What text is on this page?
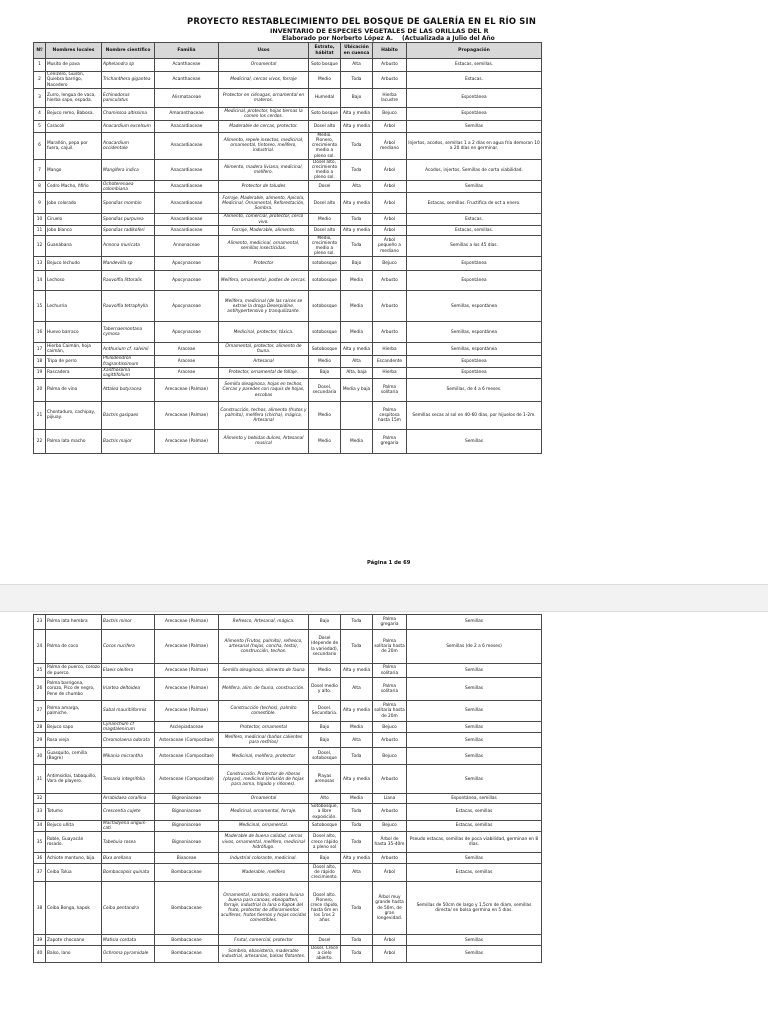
PROYECTO RESTABLECIMIENTO DEL BOSQUE DE GALERÍA EN EL RÍO SIN
INVENTARIO DE ESPECIES VEGETALES DE LAS ORILLAS DEL R
Elaborado por Norberto López A. (Actualizada a Julio del Año
Página 1 de 69
Nº	Nombres locales	Nombre científico	Familia	Usos	Estrato, hábitat	Ubicación en cuenca	Hábito	Propagación
1	Musito de pava	Aphelandra sp	Acanthaceae	Ornamental	Soto bosque	Alta	Arbusto	Estacas, semillas.
2	Cenizero, Güirón, Quiebra barrigo, Nacedero	Trichanthera gigantea	Acanthaceae	Medicinal, cercos vivos, forraje	Medio	Toda	Arbusto	Estacas.
3	Zurro, lengua de vaca, hierba sapo, espada.	Echinodorus paniculatus	Alismataceae	Protector en ciénagas, ornamental en materos.	Humedal	Bajo	Hierba lacustre	Espontánea
4	Bejuco remo, Babosa.	Chamissoa altissima	Amaranthaceae	Medicinal, protector, hojas tiernas la comen los cerdos.	Soto bosque	Alta y media	Bejuco	Espontánea
5	Caracolí	Anacardium excelsum	Anacardiaceae	Maderable de cercas, protector.	Dosel alto	Alta y media	Árbol	Semillas
6	Marañón, pepa por fuera, cajuil.	Anacardium occidentale	Anacardiaceae	Alimento, repele insectos, medicinal, ornamental, tintoreo, melífero, industrial.	Medio. Pionero, crecimiento medio a pleno sol.	Toda	Árbol mediano	Injertos, acodos, semillas 1 a 2 días en agua fría demoran 10 a 20 días en germinar.
7	Mango	Mangifera indica	Anacardiaceae	Alimento, madera liviana, medicinal, melífero.	Dosel alto, crecimiento medio a pleno sol.	Toda	Árbol	Acodos, injertos, Semillas de corta viabilidad.
8	Cedro Macho, ñfiño	Ochoterenaea colombiana	Anacardiaceae	Protector de taludes	Dosel	Alta	Árbol	Semillas
9	Jobo colorado	Spondias mombin	Anacardiaceae	Forraje, Maderable, alimento, Apícola, Medicinal, Ornamental, Reforestación, Sombra.	Dosel alto	Alta y media	Árbol	Estacas, semillas. Fructifica de oct a enero.
10	Ciruelo	Spondias purpurea	Anacardiaceae	Alimento, comercial, protector, cerco vivo.	Medio	Toda	Árbol	Estacas.
11	Jobo blanco	Spondias radlkoferi	Anacardiaceae	Forraje, Maderable, alimento.	Dosel alto	Alta y media	Árbol	Estacas, semillas.
12	Guanábana	Annona muricata	Annonaceae	Alimento, medicinal, ornamental, semillas insecticidas.	Medio, crecimiento medio a pleno sol.	Toda	Árbol pequeño a mediano	Semillas a los 45 días.
13	Bejuco lechudo	Mandevilla sp	Apocynaceae	Protector	sotobosque	Bajo	Bejuco	Espontánea
14	Lechoso	Rauvolfia littoralis	Apocynaceae	Melífera, ornamental, postes de cercas.	sotobosque	Media	Arbusto	Espontánea
15	Lechurria	Rauvolfia tetraphylla	Apocynaceae	Melífera, medicinal (de las raíces se extrae la droga Deserpidine, antihypertensivo y tranquilizante.	sotobosque	Media	Arbusto	Semillas, espontánea
16	Huevo barraco	Tabernaemontana cymosa	Apocynaceae	Medicinal, protector, tóxica.	sotobosque	Media	Arbusto	Semillas, espontánea
17	Hierba Caimán, hoja caimán,	Anthurium cf. salvinii	Araceae	Ornamental, protector, alimento de fauna.	Sotobosque	Alta y media	Hierba	Semillas, espontánea
18	Tripa de perro	Philodendron fragrantissimum	Araceae	Artesanal	Medio	Alta	Escandente	Espontánea
19	Rascadera	Xanthosoma sagittifolium	Araceae	Protector, ornamental de follaje.	Bajo	Alta, baja	Hierba	Espontánea
20	Palma de vino	Attalea butyracea	Arecaceae (Palmae)	Semilla oleaginosa, hojas en techos, Cercas y paredes con raquis de hojas, escobas	Dosel, secundaria	Media y baja	Palma solitaria	Semillas, de 4 a 6 meses.
21	Chontaduro, cachipay, pijiuay.	Bactris gasipaes	Arecaceae (Palmae)	Construcción, techos, alimento (frutos y palmito), melífera (chicha), mágica, Artesanal	Medio		Palma cespitosa hasta 15m	Semillas secas al sol en 40-60 días, por hijuelos de 1-2m.
22	Palma lata macho	Bactris major	Arecaceae (Palmae)	Alimento y bebidas dulces, Artesanal musical	Medio	Media	Palma gregaria	Semillas
23	Palma lata hembra	Bactris minor	Arecaceae (Palmae)	Refresco, Artesanal, mágica.	Bajo	Toda	Palma gregaria	Semillas
24	Palma de coco	Cocos nucifera	Arecaceae (Palmae)	Alimento (Frutos, palmito), refresco, artesanal (hojas, concha, testa), construcción, techos.	Dosel (depende de la variedad), secundario	Toda	Palma solitaria hasta de 20m	Semillas (de 2 a 6 meses)
25	Palma de puerco, corozo de puerco.	Elaeis oleifera	Arecaceae (Palmae)	Semilla oleaginosa, alimento de fauna	Medio	Alta y media	Palma solitaria	Semillas
26	Palma barrigona, corozo, Pico de negro, Pene de chumbo	Iriartea deltoidea	Arecaceae (Palmae)	Melífera, alim. de fauna, construcción.	Dosel medio y alto.	Alta	Palma solitaria	Semillas
27	Palma amarga, palmiche.	Sabal mauritiiformis	Arecaceae (Palmae)	Construcción (techos), palmito comestible.	Dosel. Secundaria.	Alta y media	Palma solitaria hasta de 20m	Semillas
28	Bejuco sapo	Cynanchum cf magdalenicum	Asclepiadaceae	Protector, ornamental	Bajo	Media	Bejuco	Semillas
29	Rosa vieja	Chromolaena odorata	Asteraceae (Compositae)	Melífero, medicinal (baños calientes para resfríos)	Bajo	Alta	Arbusto	Semillas
30	Guasquito, cemilla (Bagre)	Mikania micrantha	Asteraceae (Compositae)	Medicinal, melífera, protector	Dosel, sotobosque	Toda	Bejuco	Semillas
31	Antimsidiai, tabaquillo, Vara de playero.	Tessaria integrifolia	Asteraceae (Compositae)	Construcción. Protector de riberas (playas), medicinal (infusión de hojas para asma, hígado y riñones).	Playas arenosas	Alta y media	Arbusto	Semillas
32		Arrabidaea corallina	Bignoniaceae	Ornamental	Alto	Media	Liana	Espontánea, semillas
33	Totumo	Crescentia cujete	Bignoniaceae	Medicinal, ornamental, forraje.	Sotobosque, a libre exposición.	Toda	Arbusto	Estacas, semillas
34	Bejuco uñita	Macfadyena unguis-cati	Bignoniaceae	Medicinal, ornamental.	Sotobosque	Toda	Bejuco	Estacas, semillas
35	Roble, Guayacán rosado.	Tabebuia rosea	Bignoniaceae	Maderable de buena calidad, cercos vivos, ornamental, melífero, medicinal hidrófugo.	Dosel alto, crece rápido a pleno sol	Toda	Árbol de hasta 35-40m	Pseudo estacas, semillas de poca viabilidad, germinan en 8 días.
36	Achiote montuno, bija.	Bixa orellana	Bixaceae	Industrial colorante, medicinal.	Bajo	Alta y media	Arbusto	Semillas
37	Ceiba Tolúa	Bombacopsis quinata	Bombacaceae	Maderable, melífero	Dosel alto, de rápido crecimiento.	Alta	Árbol	Estacas, semillas
38	Ceiba Bonga, kapok	Ceiba pentandra	Bombacaceae	Ornamental, sombrío, madera liviana buena para canoas, ebnopatteri, forraje, industrial la lana o Kapok del fruto, protector de afloramientos acuíferos, frutos tiernos y hojas cocidas comestibles.	Dosel alto. Pionero, crece rápido, hasta 6m en los 1ros 2 años	Toda	Árbol muy grande hasta de 50m, de gran longevidad.	Semillas de 50cm de largo y 1,5cm de diam, semillas directa/ en bolsa germina en 5 días.
39	Zapote chocoano	Matisia cordata	Bombacaceae	Frutal, comercial, protector	Dosel	Toda	Árbol	Semillas
40	Balso, lano	Ochroma pyramidale	Bombacaceae	Sombrío, ebanistería, maderable industrial, artesanías, balsas flotantes.	Dosel. Crece a cielo abierto.	Toda	Árbol	Semillas
